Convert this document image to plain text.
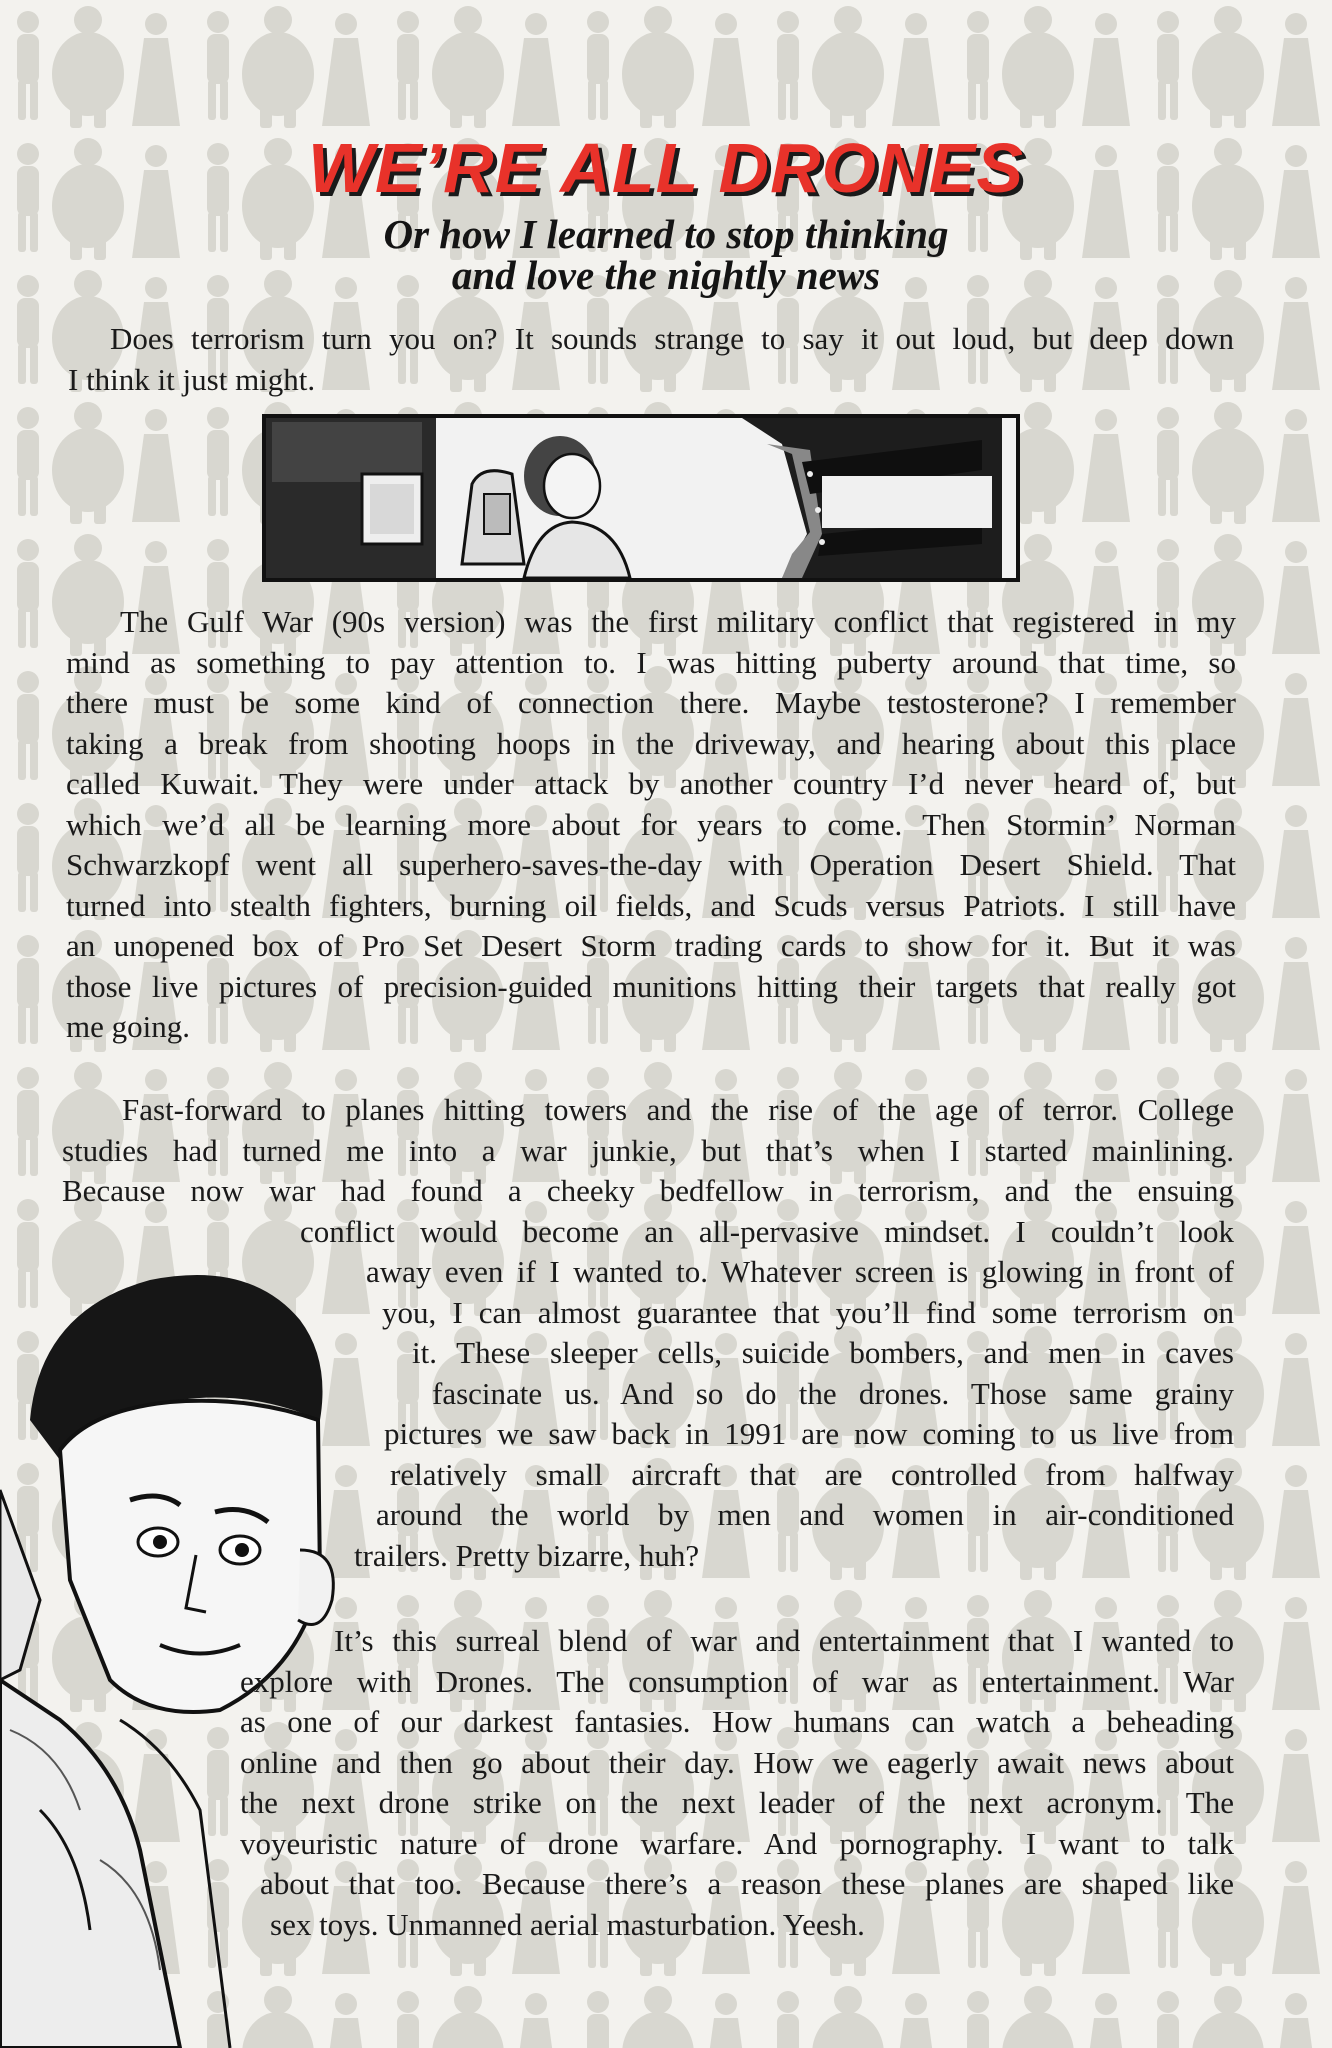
WE’RE ALL DRONES
Or how I learned to stop thinking
and love the nightly news
Does terrorism turn you on? It sounds strange to say it out loud, but deep down
I think it just might.
The Gulf War (90s version) was the first military conflict that registered in my
mind as something to pay attention to. I was hitting puberty around that time, so
there must be some kind of connection there. Maybe testosterone? I remember
taking a break from shooting hoops in the driveway, and hearing about this place
called Kuwait. They were under attack by another country I’d never heard of, but
which we’d all be learning more about for years to come. Then Stormin’ Norman
Schwarzkopf went all superhero-saves-the-day with Operation Desert Shield. That
turned into stealth fighters, burning oil fields, and Scuds versus Patriots. I still have
an unopened box of Pro Set Desert Storm trading cards to show for it. But it was
those live pictures of precision-guided munitions hitting their targets that really got
me going.
Fast-forward to planes hitting towers and the rise of the age of terror. College
studies had turned me into a war junkie, but that’s when I started mainlining.
Because now war had found a cheeky bedfellow in terrorism, and the ensuing
conflict would become an all-pervasive mindset. I couldn’t look
away even if I wanted to. Whatever screen is glowing in front of
you, I can almost guarantee that you’ll find some terrorism on
it. These sleeper cells, suicide bombers, and men in caves
fascinate us. And so do the drones. Those same grainy
pictures we saw back in 1991 are now coming to us live from
relatively small aircraft that are controlled from halfway
around the world by men and women in air-conditioned
trailers. Pretty bizarre, huh?
It’s this surreal blend of war and entertainment that I wanted to
explore with Drones. The consumption of war as entertainment. War
as one of our darkest fantasies. How humans can watch a beheading
online and then go about their day. How we eagerly await news about
the next drone strike on the next leader of the next acronym. The
voyeuristic nature of drone warfare. And pornography. I want to talk
about that too. Because there’s a reason these planes are shaped like
sex toys. Unmanned aerial masturbation. Yeesh.
